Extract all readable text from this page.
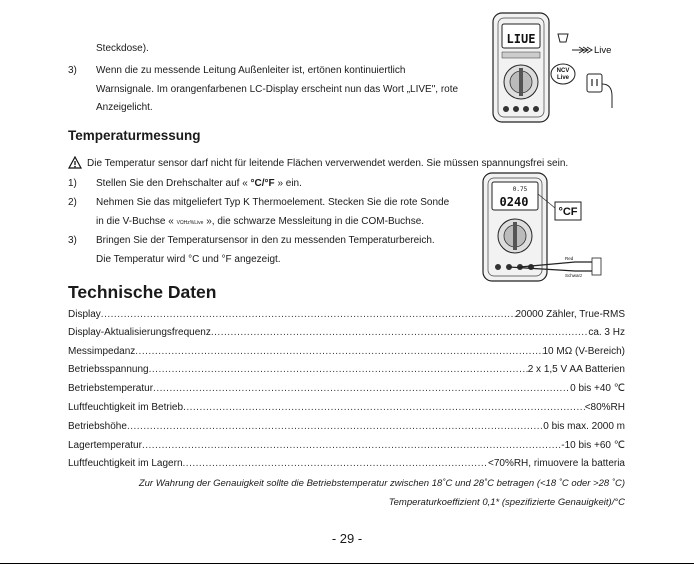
Steckdose).
3) Wenn die zu messende Leitung Außenleiter ist, ertönen kontinuiertlich
Warnsignale. Im orangenfarbenen LC-Display erscheint nun das Wort „LIVE", rote
Anzeigelicht.
LIUE
Live
NCV
Live
Temperaturmessung
Die Temperatur sensor darf nicht für leitende Flächen ververwendet werden. Sie müssen spannungsfrei sein.
1) Stellen Sie den Drehschalter auf « °C/°F » ein.
2) Nehmen Sie das mitgeliefert Typ K Thermoelement. Stecken Sie die rote Sonde
in die V-Buchse « VΩHz%Live », die schwarze Messleitung in die COM-Buchse.
3) Bringen Sie der Temperatursensor in den zu messenden Temperaturbereich.
Die Temperatur wird °C und °F angezeigt.
0.75
0240
°CF
Red
Schwarz
Technische Daten
Display .....	20000 Zähler, True-RMS
Display-Aktualisierungsfrequenz .....	ca. 3 Hz
Messimpedanz .....	10 MΩ (V-Bereich)
Betriebsspannung .....	2 x 1,5 V AA Batterien
Betriebstemperatur .....	0 bis +40 ℃
Luftfeuchtigkeit im Betrieb .....	<80%RH
Betriebshöhe .....	0 bis max. 2000 m
Lagertemperatur .....	-10 bis +60 ℃
Luftfeuchtigkeit im Lagern .....	<70%RH, rimuovere la batteria
Zur Wahrung der Genauigkeit sollte die Betriebstemperatur zwischen 18˚C und 28˚C betragen (<18 ˚C oder >28 ˚C)
Temperaturkoeffizient 0,1* (spezifizierte Genauigkeit)/°C
- 29 -
